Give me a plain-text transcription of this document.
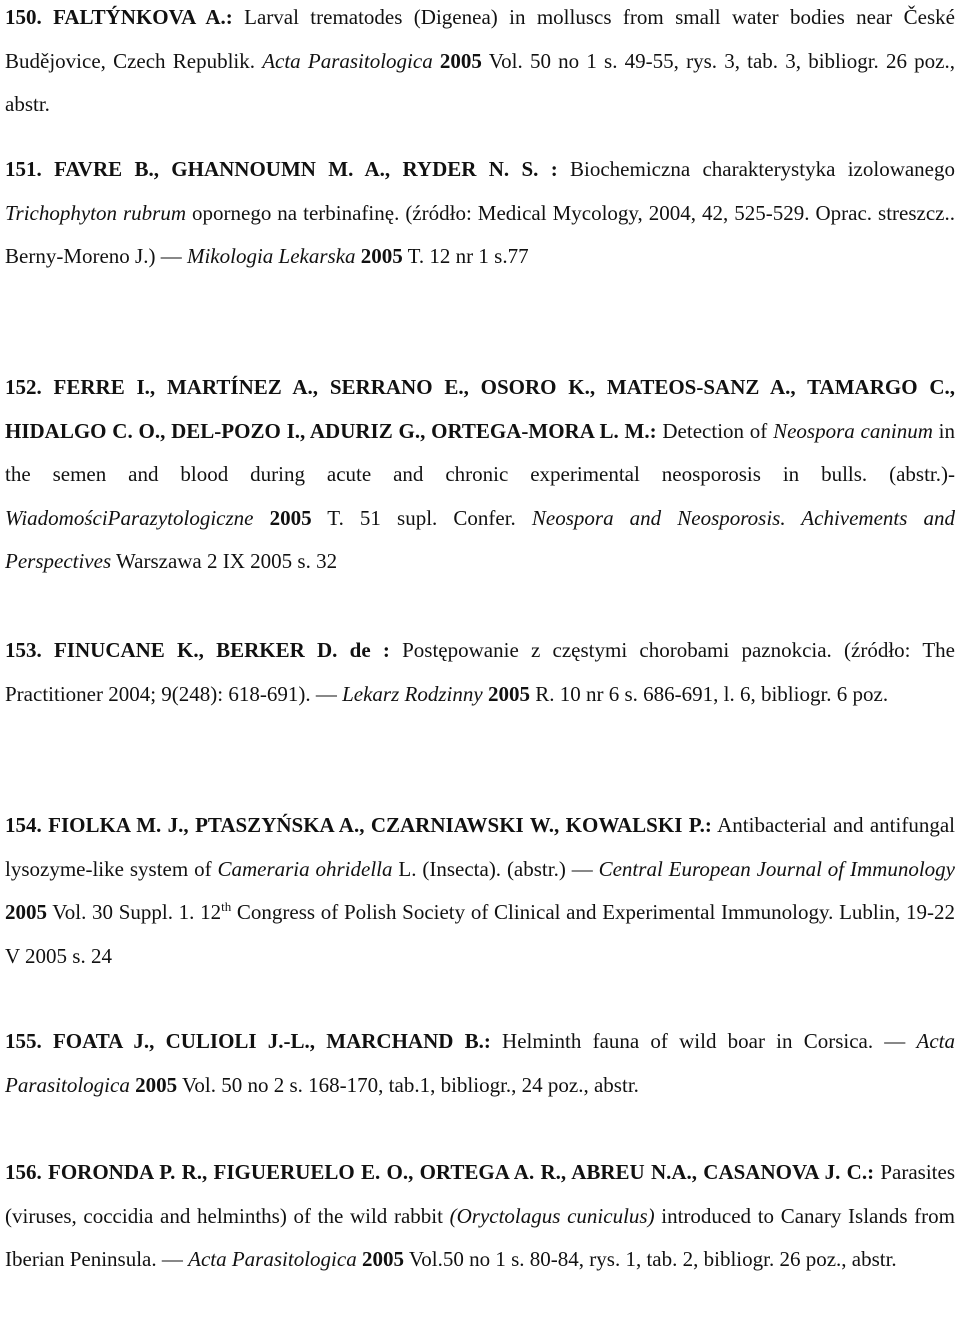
150. FALTÝNKOVA A.: Larval trematodes (Digenea) in molluscs from small water bodies near České Budějovice, Czech Republik. Acta Parasitologica 2005 Vol. 50 no 1 s. 49-55, rys. 3, tab. 3, bibliogr. 26 poz., abstr.
151. FAVRE B., GHANNOUMN M. A., RYDER N. S. : Biochemiczna charakterystyka izolowanego Trichophyton rubrum opornego na terbinafinę. (źródło: Medical Mycology, 2004, 42, 525-529. Oprac. streszcz.. Berny-Moreno J.) — Mikologia Lekarska 2005 T. 12 nr 1 s.77
152. FERRE I., MARTÍNEZ A., SERRANO E., OSORO K., MATEOS-SANZ A., TAMARGO C., HIDALGO C. O., DEL-POZO I., ADURIZ G., ORTEGA-MORA L. M.: Detection of Neospora caninum in the semen and blood during acute and chronic experimental neosporosis in bulls. (abstr.)- WiadomościParazytologiczne 2005 T. 51 supl. Confer. Neospora and Neosporosis. Achivements and Perspectives Warszawa 2 IX 2005 s. 32
153. FINUCANE K., BERKER D. de : Postępowanie z częstymi chorobami paznokcia. (źródło: The Practitioner 2004; 9(248): 618-691). — Lekarz Rodzinny 2005 R. 10 nr 6 s. 686-691, l. 6, bibliogr. 6 poz.
154. FIOLKA M. J., PTASZYŃSKA A., CZARNIAWSKI W., KOWALSKI P.: Antibacterial and antifungal lysozyme-like system of Cameraria ohridella L. (Insecta). (abstr.) — Central European Journal of Immunology 2005 Vol. 30 Suppl. 1. 12th Congress of Polish Society of Clinical and Experimental Immunology. Lublin, 19-22 V 2005 s. 24
155. FOATA J., CULIOLI J.-L., MARCHAND B.: Helminth fauna of wild boar in Corsica. — Acta Parasitologica 2005 Vol. 50 no 2 s. 168-170, tab.1, bibliogr., 24 poz., abstr.
156. FORONDA P. R., FIGUERUELO E. O., ORTEGA A. R., ABREU N.A., CASANOVA J. C.: Parasites (viruses, coccidia and helminths) of the wild rabbit (Oryctolagus cuniculus) introduced to Canary Islands from Iberian Peninsula. — Acta Parasitologica 2005 Vol.50 no 1 s. 80-84, rys. 1, tab. 2, bibliogr. 26 poz., abstr.
